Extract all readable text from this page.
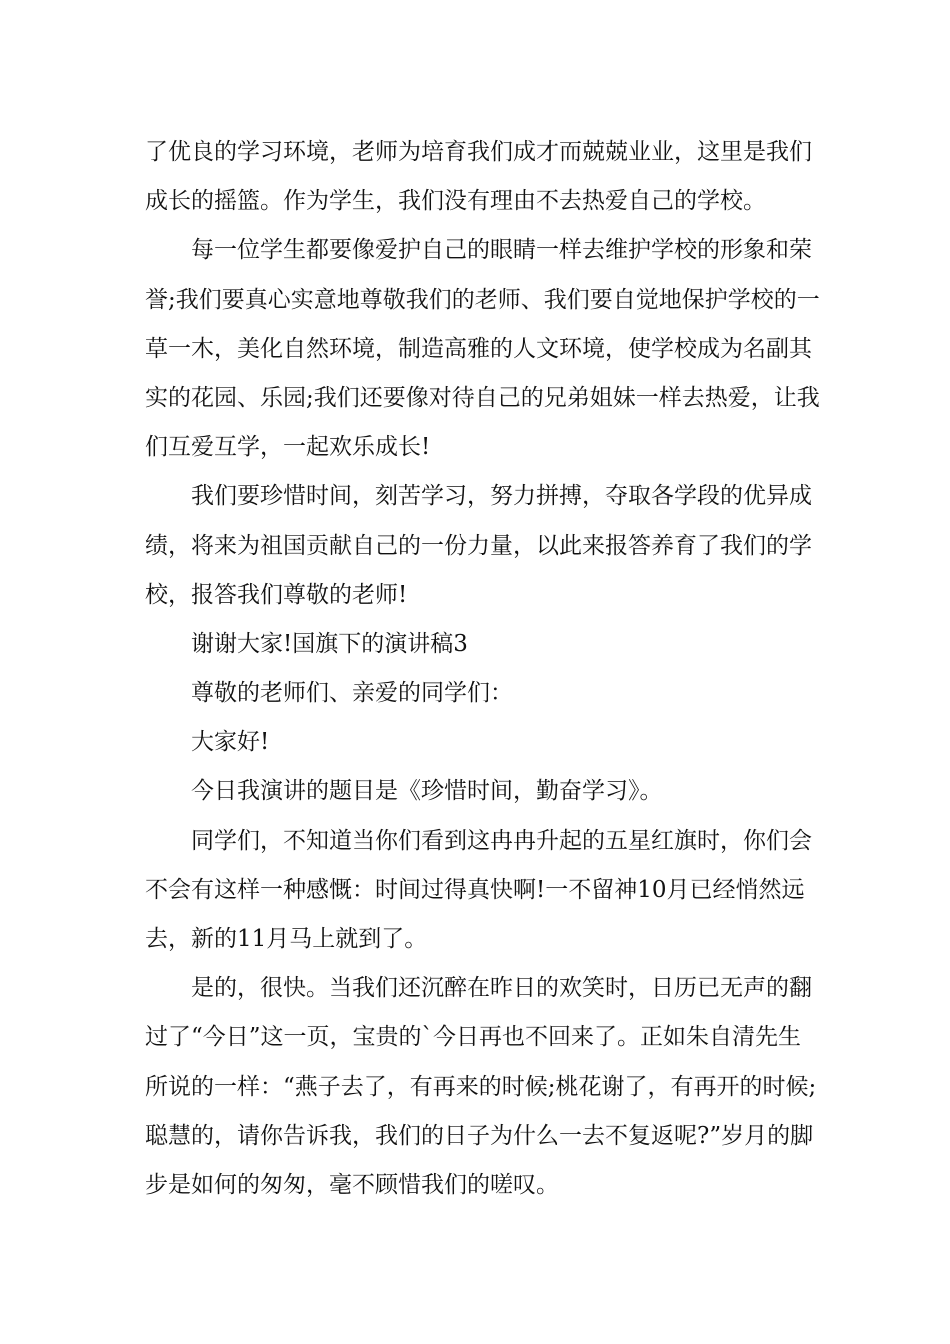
了优良的学习环境，老师为培育我们成才而兢兢业业，这里是我们
成长的摇篮。作为学生，我们没有理由不去热爱自己的学校。
每一位学生都要像爱护自己的眼睛一样去维护学校的形象和荣
誉;我们要真心实意地尊敬我们的老师、我们要自觉地保护学校的一
草一木，美化自然环境，制造高雅的人文环境，使学校成为名副其
实的花园、乐园;我们还要像对待自己的兄弟姐妹一样去热爱，让我
们互爱互学，一起欢乐成长!
我们要珍惜时间，刻苦学习，努力拼搏，夺取各学段的优异成
绩，将来为祖国贡献自己的一份力量，以此来报答养育了我们的学
校，报答我们尊敬的老师!
谢谢大家!国旗下的演讲稿3
尊敬的老师们、亲爱的同学们：
大家好!
今日我演讲的题目是《珍惜时间，勤奋学习》。
同学们，不知道当你们看到这冉冉升起的五星红旗时，你们会
不会有这样一种感慨：时间过得真快啊!一不留神10月已经悄然远
去，新的11月马上就到了。
是的，很快。当我们还沉醉在昨日的欢笑时，日历已无声的翻
过了“今日”这一页，宝贵的`今日再也不回来了。正如朱自清先生
所说的一样：“燕子去了，有再来的时候;桃花谢了，有再开的时候;
聪慧的，请你告诉我，我们的日子为什么一去不复返呢?”岁月的脚
步是如何的匆匆，毫不顾惜我们的嗟叹。
